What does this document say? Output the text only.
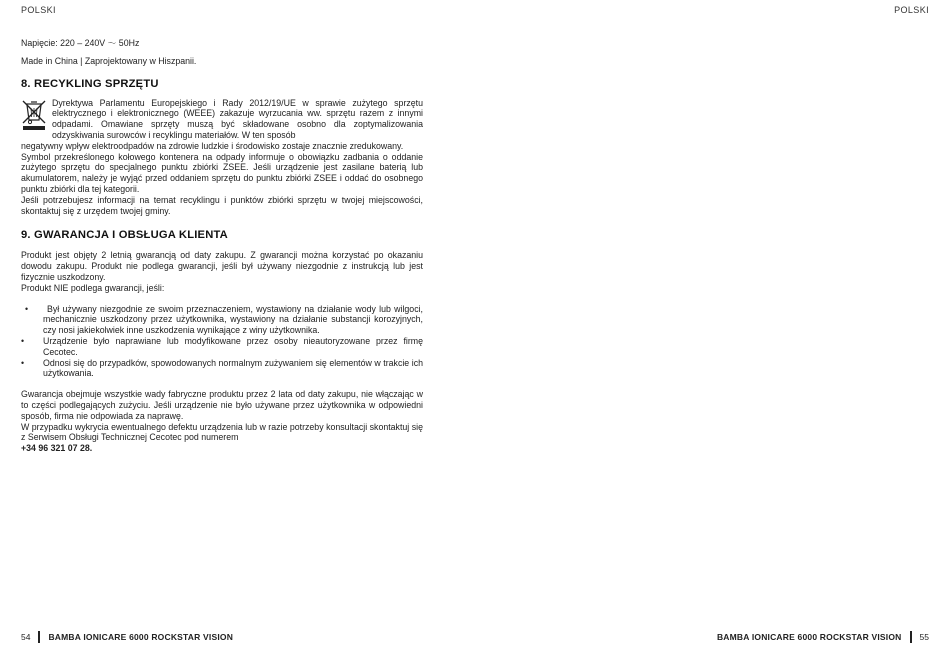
POLSKI	POLSKI

Napięcie: 220 – 240V ～ 50Hz

Made in China | Zaprojektowany w Hiszpanii.

8. RECYKLING SPRZĘTU

Dyrektywa Parlamentu Europejskiego i Rady 2012/19/UE w sprawie zużytego sprzętu elektrycznego i elektronicznego (WEEE) zakazuje wyrzucania ww. sprzętu razem z innymi odpadami. Omawiane sprzęty muszą być składowane osobno dla zoptymalizowania odzyskiwania surowców i recyklingu materiałów. W ten sposób

negatywny wpływ elektroodpadów na zdrowie ludzkie i środowisko zostaje znacznie zredukowany.

Symbol przekreślonego kołowego kontenera na odpady informuje o obowiązku zadbania o oddanie zużytego sprzętu do specjalnego punktu zbiórki ZSEE. Jeśli urządzenie jest zasilane baterią lub akumulatorem, należy je wyjąć przed oddaniem sprzętu do punktu zbiórki ZSEE i oddać do osobnego punktu zbiórki dla tej kategorii.

Jeśli potrzebujesz informacji na temat recyklingu i punktów zbiórki sprzętu w twojej miejscowości, skontaktuj się z urzędem twojej gminy.

9. GWARANCJA I OBSŁUGA KLIENTA

Produkt jest objęty 2 letnią gwarancją od daty zakupu. Z gwarancji można korzystać po okazaniu dowodu zakupu. Produkt nie podlega gwarancji, jeśli był używany niezgodnie z instrukcją lub jest fizycznie uszkodzony.

Produkt NIE podlega gwarancji, jeśli:

• Był używany niezgodnie ze swoim przeznaczeniem, wystawiony na działanie wody lub wilgoci, mechanicznie uszkodzony przez użytkownika, wystawiony na działanie substancji korozyjnych, czy nosi jakiekolwiek inne uszkodzenia wynikające z winy użytkownika.
• Urządzenie było naprawiane lub modyfikowane przez osoby nieautoryzowane przez firmę Cecotec.
• Odnosi się do przypadków, spowodowanych normalnym zużywaniem się elementów w trakcie ich użytkowania.

Gwarancja obejmuje wszystkie wady fabryczne produktu przez 2 lata od daty zakupu, nie włączając w to części podlegających zużyciu. Jeśli urządzenie nie było używane przez użytkownika w odpowiedni sposób, firma nie odpowiada za naprawę.

W przypadku wykrycia ewentualnego defektu urządzenia lub w razie potrzeby konsultacji skontaktuj się z Serwisem Obsługi Technicznej Cecotec pod numerem

+34 96 321 07 28.

54 BAMBA IONICARE 6000 ROCKSTAR VISION	BAMBA IONICARE 6000 ROCKSTAR VISION 55
